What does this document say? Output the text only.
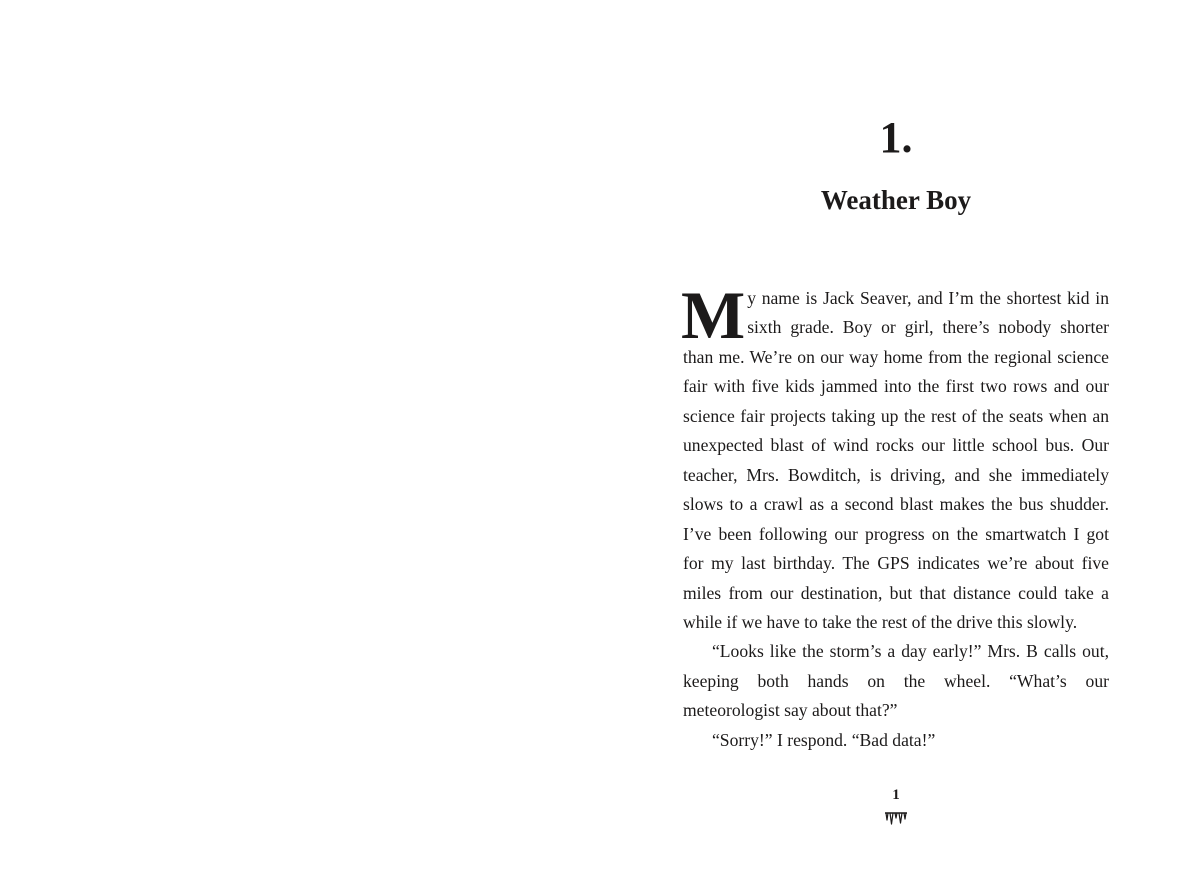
1.
Weather Boy

My name is Jack Seaver, and I’m the shortest kid in sixth grade. Boy or girl, there’s nobody shorter than me. We’re on our way home from the regional science fair with five kids jammed into the first two rows and our science fair projects taking up the rest of the seats when an unexpected blast of wind rocks our little school bus. Our teacher, Mrs. Bowditch, is driving, and she immediately slows to a crawl as a second blast makes the bus shudder. I’ve been following our progress on the smartwatch I got for my last birthday. The GPS indicates we’re about five miles from our destination, but that distance could take a while if we have to take the rest of the drive this slowly.

“Looks like the storm’s a day early!” Mrs. B calls out, keeping both hands on the wheel. “What’s our meteorologist say about that?”

“Sorry!” I respond. “Bad data!”

1
